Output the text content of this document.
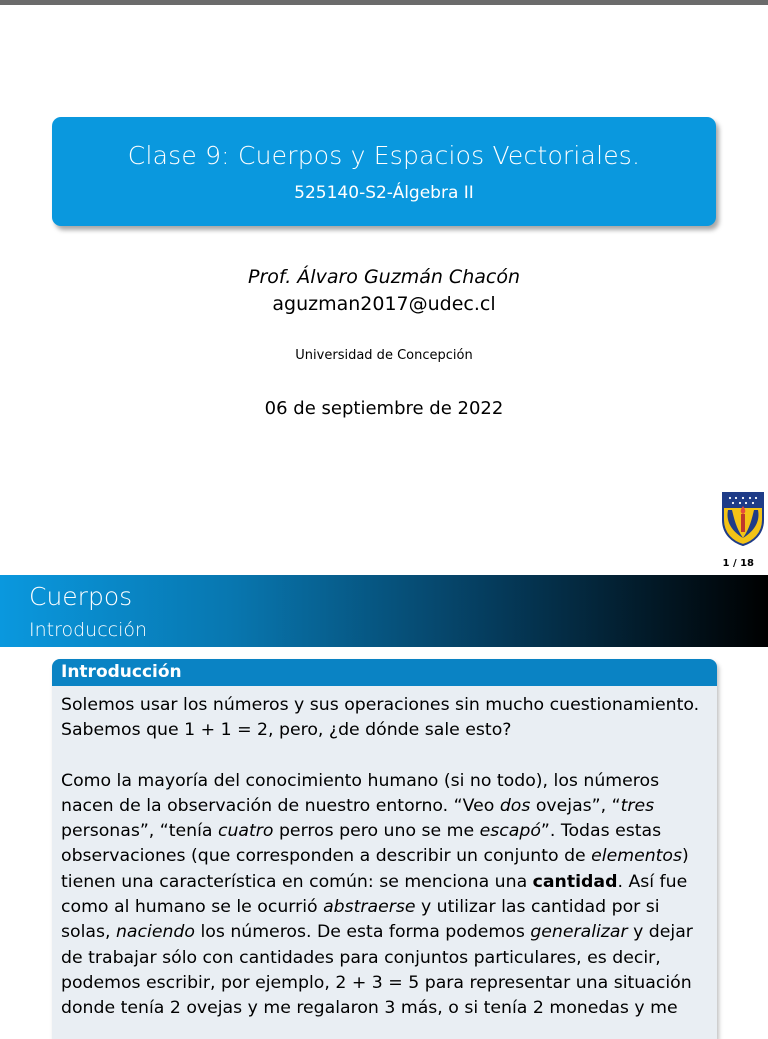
Clase 9: Cuerpos y Espacios Vectoriales.
525140-S2-Álgebra II
Prof. Álvaro Guzmán Chacón
aguzman2017@udec.cl
Universidad de Concepción
06 de septiembre de 2022
1 / 18
Cuerpos
Introducción
Introducción

Solemos usar los números y sus operaciones sin mucho cuestionamiento. Sabemos que 1 + 1 = 2, pero, ¿de dónde sale esto?

Como la mayoría del conocimiento humano (si no todo), los números nacen de la observación de nuestro entorno. “Veo dos ovejas”, “tres personas”, “tenía cuatro perros pero uno se me escapó”. Todas estas observaciones (que corresponden a describir un conjunto de elementos) tienen una característica en común: se menciona una cantidad. Así fue como al humano se le ocurrió abstraerse y utilizar las cantidad por si solas, naciendo los números. De esta forma podemos generalizar y dejar de trabajar sólo con cantidades para conjuntos particulares, es decir, podemos escribir, por ejemplo, 2 + 3 = 5 para representar una situación donde tenía 2 ovejas y me regalaron 3 más, o si tenía 2 monedas y me
